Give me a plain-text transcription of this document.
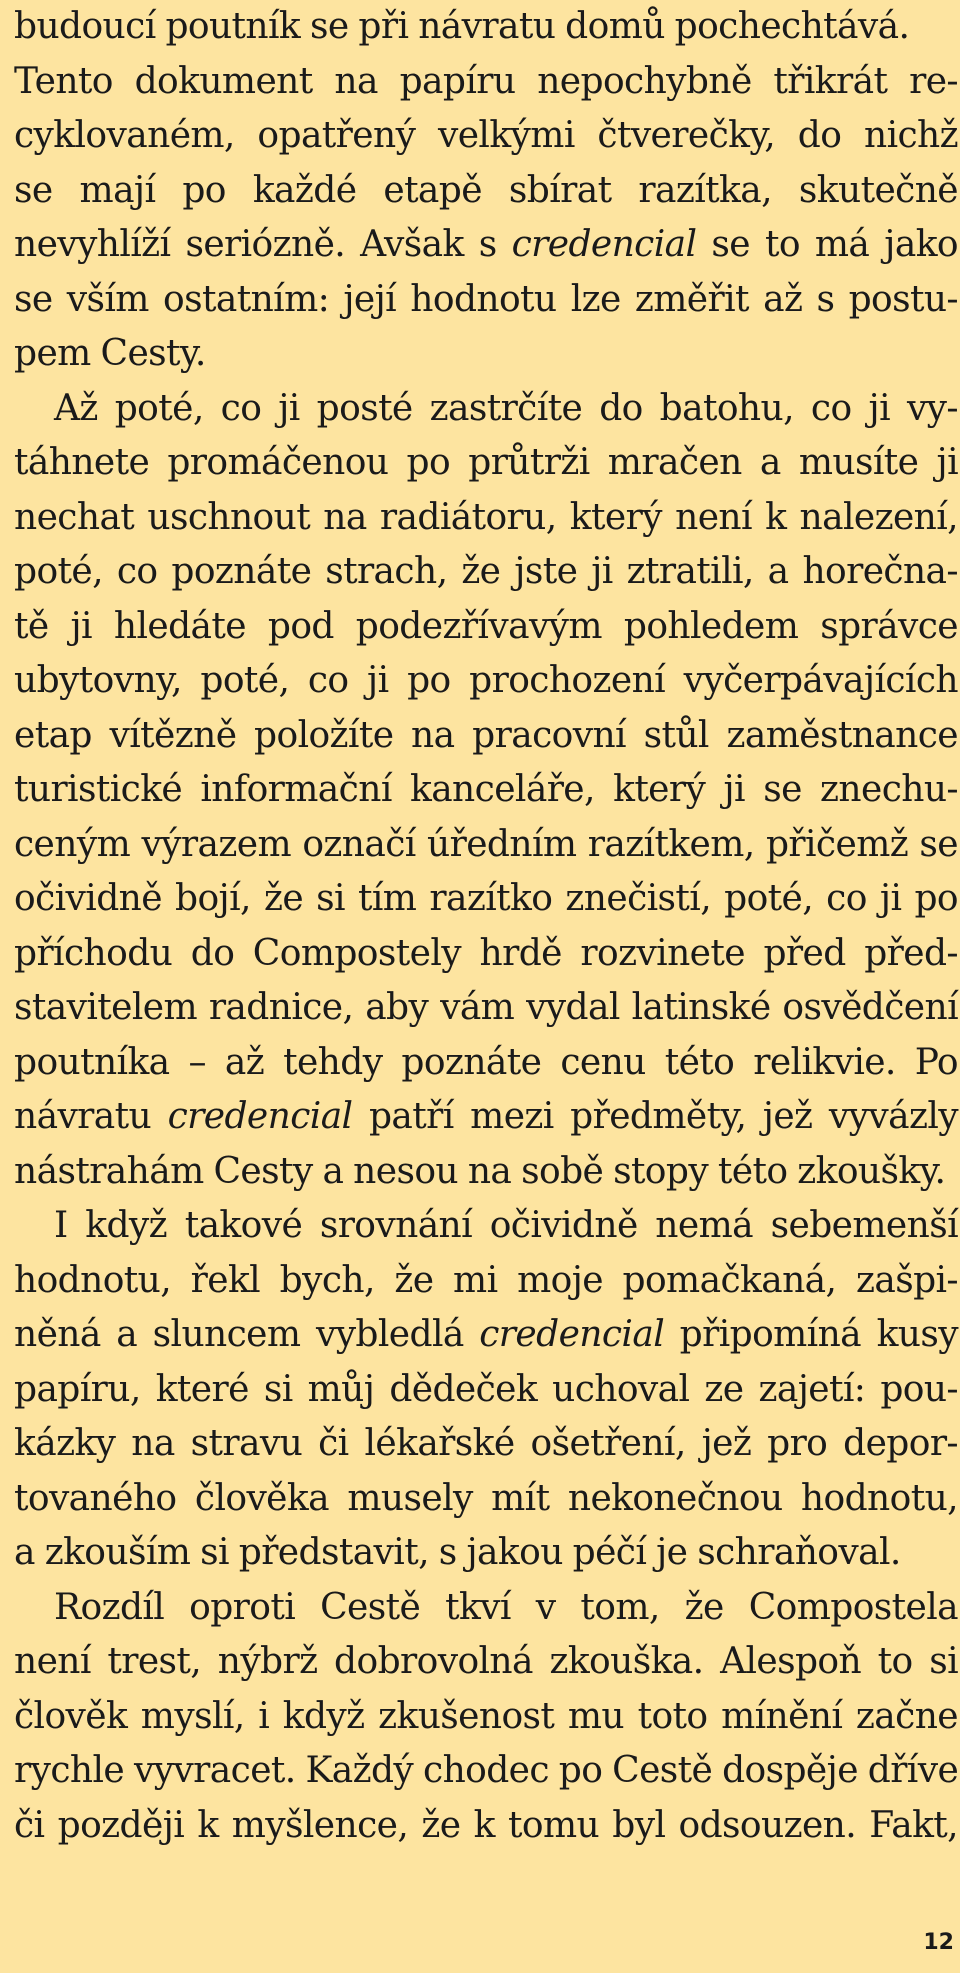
budoucí poutník se při návratu domů pochechtává.
Tento dokument na papíru nepochybně třikrát re-
cyklovaném, opatřený velkými čtverečky, do nichž
se mají po každé etapě sbírat razítka, skutečně
nevyhlíží seriózně. Avšak s credencial se to má jako
se vším ostatním: její hodnotu lze změřit až s postu-
pem Cesty.
Až poté, co ji posté zastrčíte do batohu, co ji vy-
táhnete promáčenou po průtrži mračen a musíte ji
nechat uschnout na radiátoru, který není k nalezení,
poté, co poznáte strach, že jste ji ztratili, a horečna-
tě ji hledáte pod podezřívavým pohledem správce
ubytovny, poté, co ji po prochození vyčerpávajících
etap vítězně položíte na pracovní stůl zaměstnance
turistické informační kanceláře, který ji se znechu-
ceným výrazem označí úředním razítkem, přičemž se
očividně bojí, že si tím razítko znečistí, poté, co ji po
příchodu do Compostely hrdě rozvinete před před-
stavitelem radnice, aby vám vydal latinské osvědčení
poutníka – až tehdy poznáte cenu této relikvie. Po
návratu credencial patří mezi předměty, jež vyvázly
nástrahám Cesty a nesou na sobě stopy této zkoušky.
I když takové srovnání očividně nemá sebemenší
hodnotu, řekl bych, že mi moje pomačkaná, zašpi-
něná a sluncem vybledlá credencial připomíná kusy
papíru, které si můj dědeček uchoval ze zajetí: pou-
kázky na stravu či lékařské ošetření, jež pro depor-
tovaného člověka musely mít nekonečnou hodnotu,
a zkouším si představit, s jakou péčí je schraňoval.
Rozdíl oproti Cestě tkví v tom, že Compostela
není trest, nýbrž dobrovolná zkouška. Alespoň to si
člověk myslí, i když zkušenost mu toto mínění začne
rychle vyvracet. Každý chodec po Cestě dospěje dříve
či později k myšlence, že k tomu byl odsouzen. Fakt,
12
